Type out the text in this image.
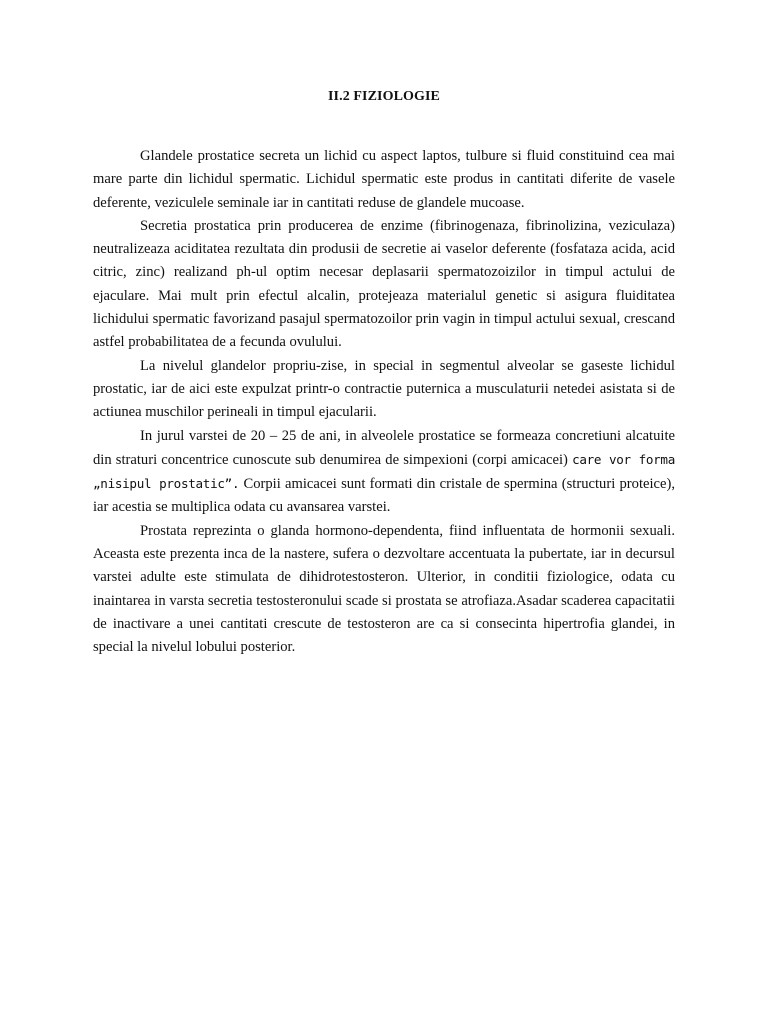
II.2 FIZIOLOGIE

Glandele prostatice secreta un lichid cu aspect laptos, tulbure si fluid constituind cea mai mare parte din lichidul spermatic. Lichidul spermatic este produs in cantitati diferite de vasele deferente, veziculele seminale iar in cantitati reduse de glandele mucoase.

Secretia prostatica prin producerea de enzime (fibrinogenaza, fibrinolizina, veziculaza) neutralizeaza aciditatea rezultata din produsii de secretie ai vaselor deferente (fosfataza acida, acid citric, zinc) realizand ph-ul optim necesar deplasarii spermatozoizilor in timpul actului de ejaculare. Mai mult prin efectul alcalin, protejeaza materialul genetic si asigura fluiditatea lichidului spermatic favorizand pasajul spermatozoilor prin vagin in timpul actului sexual, crescand astfel probabilitatea de a fecunda ovulului.

La nivelul glandelor propriu-zise, in special in segmentul alveolar se gaseste lichidul prostatic, iar de aici este expulzat printr-o contractie puternica a musculaturii netedei asistata si de actiunea muschilor perineali in timpul ejacularii.

In jurul varstei de 20 – 25 de ani, in alveolele prostatice se formeaza concretiuni alcatuite din straturi concentrice cunoscute sub denumirea de simpexioni (corpi amicacei) care vor forma „nisipul prostatic”. Corpii amicacei sunt formati din cristale de spermina (structuri proteice), iar acestia se multiplica odata cu avansarea varstei.

Prostata reprezinta o glanda hormono-dependenta, fiind influentata de hormonii sexuali. Aceasta este prezenta inca de la nastere, sufera o dezvoltare accentuata la pubertate, iar in decursul varstei adulte este stimulata de dihidrotestosteron. Ulterior, in conditii fiziologice, odata cu inaintarea in varsta secretia testosteronului scade si prostata se atrofiaza.Asadar scaderea capacitatii de inactivare a unei cantitati crescute de testosteron are ca si consecinta hipertrofia glandei, in special la nivelul lobului posterior.
